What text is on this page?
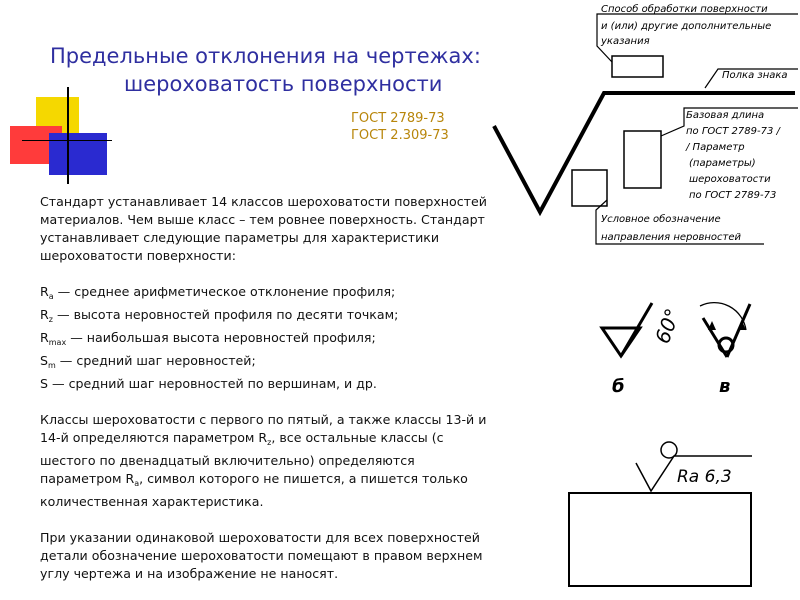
Предельные отклонения на чертежах:
шероховатость поверхности
ГОСТ 2789-73
ГОСТ 2.309-73

Стандарт устанавливает 14 классов шероховатости поверхностей материалов. Чем выше класс – тем ровнее поверхность. Стандарт устанавливает следующие параметры для характеристики шероховатости поверхности:

$R_a$ — среднее арифметическое отклонение профиля;

$R_z$ — высота неровностей профиля по десяти точкам;

$R_{max}$ — наибольшая высота неровностей профиля;

$S_m$ — средний шаг неровностей;

S — средний шаг неровностей по вершинам, и др.

Классы шероховатости с первого по пятый, а также классы 13-й и 14-й определяются параметром $R_z$, все остальные классы (с шестого по двенадцатый включительно) определяются параметром $R_a$, символ которого не пишется, а пишется только количественная характеристика.

При указании одинаковой шероховатости для всех поверхностей детали обозначение шероховатости помещают в правом верхнем углу чертежа и на изображение не наносят.

Способ обработки поверхности
и (или) другие дополнительные
указания
Полка знака
Базовая длина
по ГОСТ 2789-73 /
/ Параметр
(параметры)
шероховатости
по ГОСТ 2789-73
Условное обозначение
направления неровностей
б
60°
в
Ra 6,3
